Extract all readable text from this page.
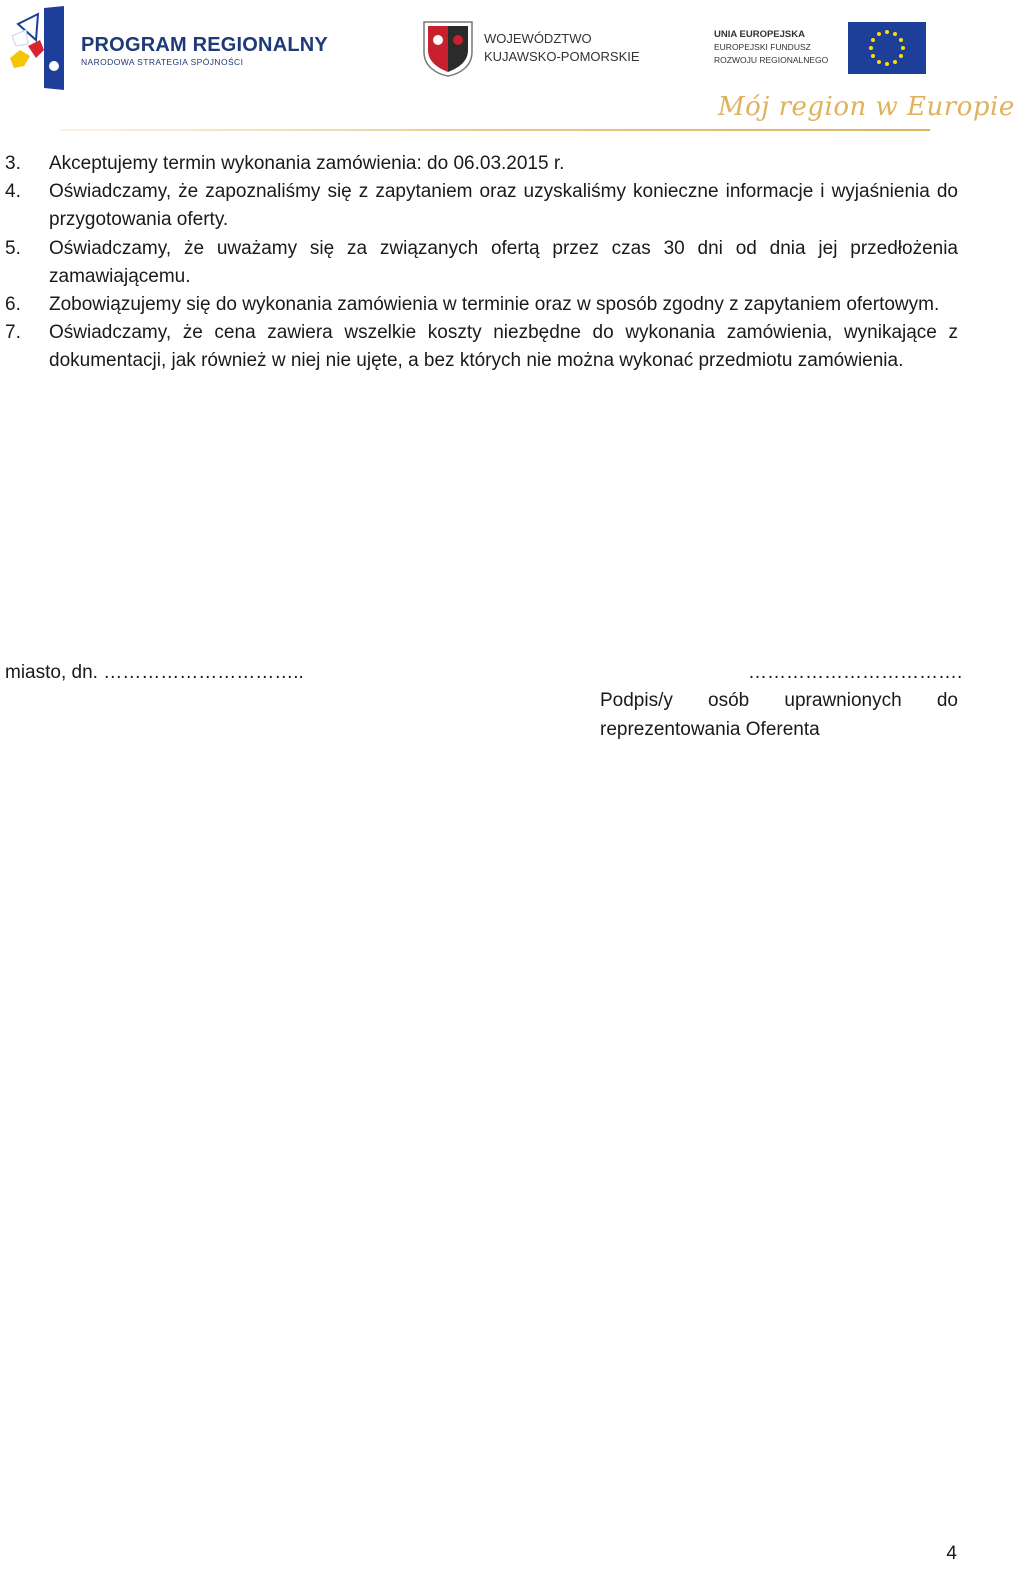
PROGRAM REGIONALNY
NARODOWA STRATEGIA SPÓJNOŚCI
WOJEWÓDZTWO
KUJAWSKO-POMORSKIE
UNIA EUROPEJSKA
EUROPEJSKI FUNDUSZ
ROZWOJU REGIONALNEGO
Mój region w Europie
3.	Akceptujemy termin wykonania zamówienia: do 06.03.2015 r.
4.	Oświadczamy, że zapoznaliśmy się z zapytaniem oraz uzyskaliśmy konieczne informacje i wyjaśnienia do przygotowania oferty.
5.	Oświadczamy, że uważamy się za związanych ofertą przez czas 30 dni od dnia jej przedłożenia zamawiającemu.
6.	Zobowiązujemy się do wykonania zamówienia w terminie oraz w sposób zgodny z zapytaniem ofertowym.
7.	Oświadczamy, że cena zawiera wszelkie koszty niezbędne do wykonania zamówienia, wynikające z dokumentacji, jak również w niej nie ujęte, a bez których nie można wykonać przedmiotu zamówienia.
miasto, dn. …………………………..	…………………………….
Podpis/y osób uprawnionych do
reprezentowania Oferenta
4
